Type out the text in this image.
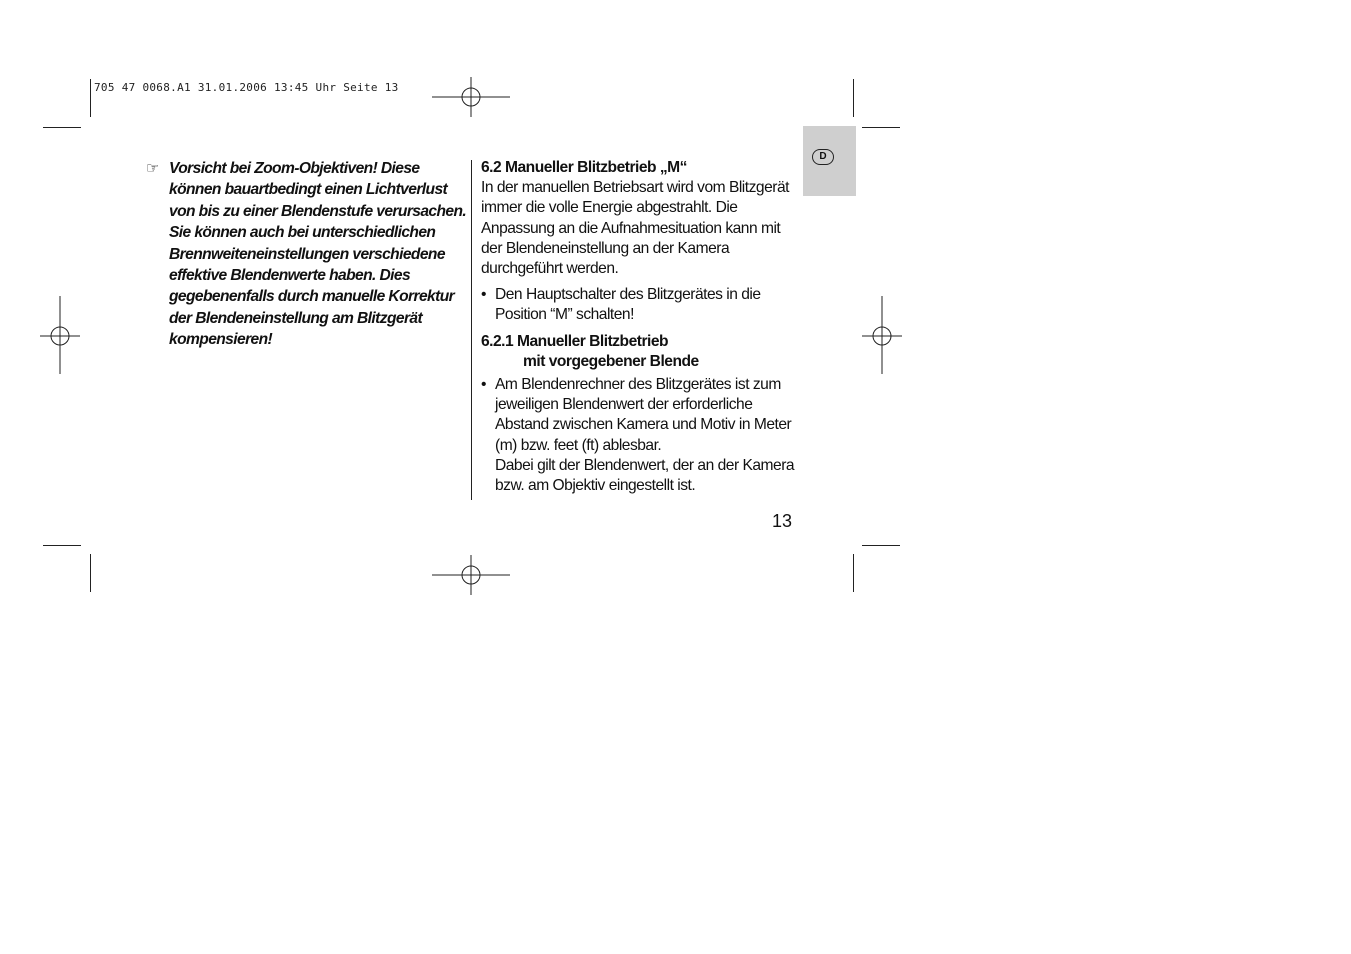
705 47 0068.A1 31.01.2006 13:45 Uhr Seite 13
D
☞ Vorsicht bei Zoom-Objektiven! Diese können bauartbedingt einen Lichtverlust von bis zu einer Blendenstufe verursachen. Sie können auch bei unterschiedlichen Brennweiteneinstellungen verschiedene effektive Blendenwerte haben. Dies gegebenenfalls durch manuelle Korrektur der Blendeneinstellung am Blitzgerät kompensieren!

6.2 Manueller Blitzbetrieb „M“

In der manuellen Betriebsart wird vom Blitzgerät immer die volle Energie abgestrahlt. Die Anpassung an die Aufnahmesituation kann mit der Blendeneinstellung an der Kamera durchgeführt werden.

• Den Hauptschalter des Blitzgerätes in die Position “M” schalten!

6.2.1 Manueller Blitzbetrieb

mit vorgegebener Blende

• Am Blendenrechner des Blitzgerätes ist zum jeweiligen Blendenwert der erforderliche Abstand zwischen Kamera und Motiv in Meter (m) bzw. feet (ft) ablesbar.
Dabei gilt der Blendenwert, der an der Kamera bzw. am Objektiv eingestellt ist.
13
